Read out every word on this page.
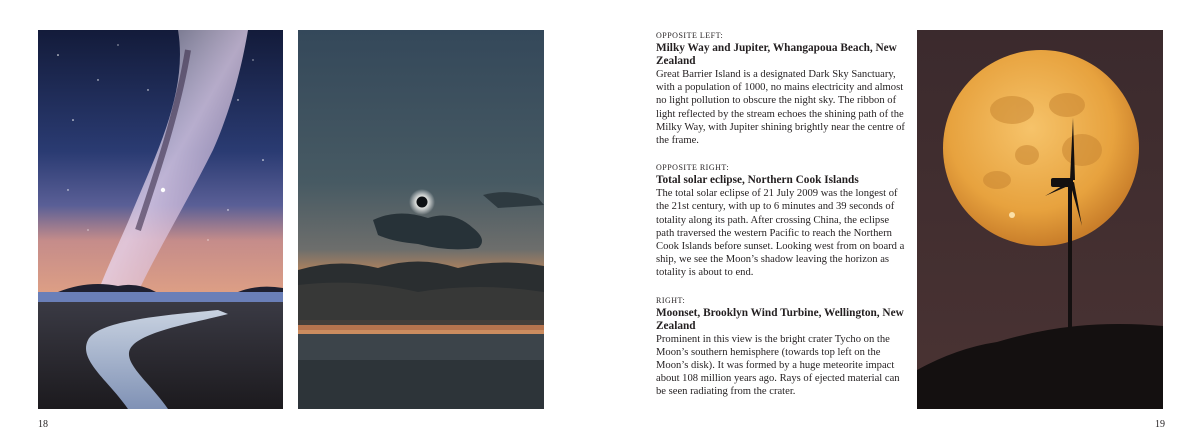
OPPOSITE LEFT:
Milky Way and Jupiter, Whangapoua Beach, New Zealand
Great Barrier Island is a designated Dark Sky Sanctuary, with a population of 1000, no mains electricity and almost no light pollution to obscure the night sky. The ribbon of light reflected by the stream echoes the shining path of the Milky Way, with Jupiter shining brightly near the centre of the frame.
OPPOSITE RIGHT:
Total solar eclipse, Northern Cook Islands
The total solar eclipse of 21 July 2009 was the longest of the 21st century, with up to 6 minutes and 39 seconds of totality along its path. After crossing China, the eclipse path traversed the western Pacific to reach the Northern Cook Islands before sunset. Looking west from on board a ship, we see the Moon’s shadow leaving the horizon as totality is about to end.
RIGHT:
Moonset, Brooklyn Wind Turbine, Wellington, New Zealand
Prominent in this view is the bright crater Tycho on the Moon’s southern hemisphere (towards top left on the Moon’s disk). It was formed by a huge meteorite impact about 108 million years ago. Rays of ejected material can be seen radiating from the crater.
18	19
